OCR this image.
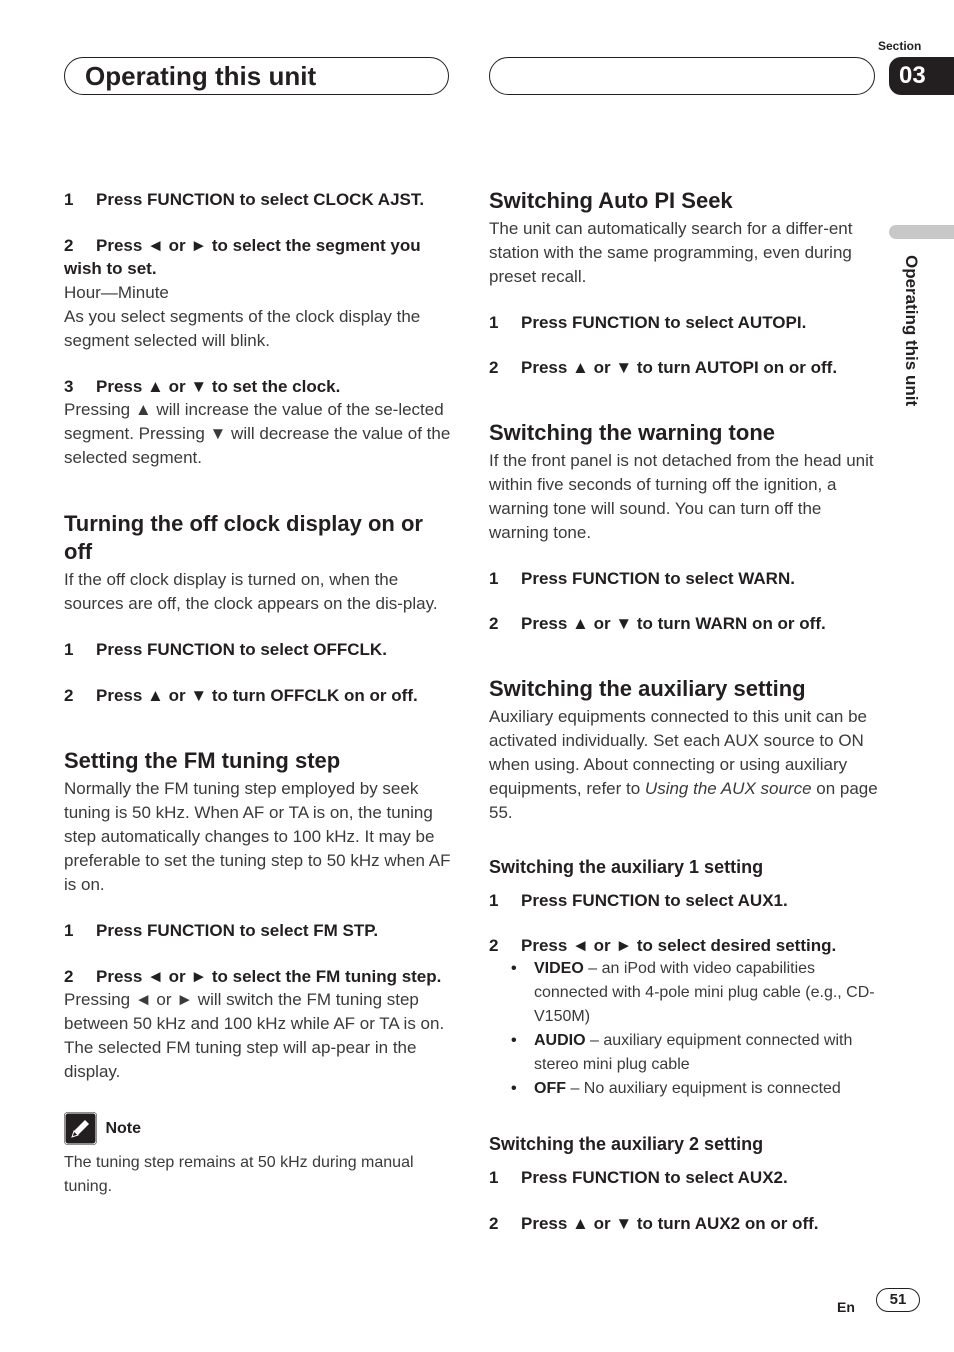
Operating this unit
Section
03
Operating this unit
1 Press FUNCTION to select CLOCK AJST.
2 Press ◄ or ► to select the segment you wish to set.
Hour—Minute
As you select segments of the clock display the segment selected will blink.
3 Press ▲ or ▼ to set the clock.
Pressing ▲ will increase the value of the se-lected segment. Pressing ▼ will decrease the value of the selected segment.
Turning the off clock display on or off
If the off clock display is turned on, when the sources are off, the clock appears on the dis-play.
1 Press FUNCTION to select OFFCLK.
2 Press ▲ or ▼ to turn OFFCLK on or off.
Setting the FM tuning step
Normally the FM tuning step employed by seek tuning is 50 kHz. When AF or TA is on, the tuning step automatically changes to 100 kHz. It may be preferable to set the tuning step to 50 kHz when AF is on.
1 Press FUNCTION to select FM STP.
2 Press ◄ or ► to select the FM tuning step.
Pressing ◄ or ► will switch the FM tuning step between 50 kHz and 100 kHz while AF or TA is on. The selected FM tuning step will ap-pear in the display.
Note
The tuning step remains at 50 kHz during manual tuning.
Switching Auto PI Seek
The unit can automatically search for a differ-ent station with the same programming, even during preset recall.
1 Press FUNCTION to select AUTOPI.
2 Press ▲ or ▼ to turn AUTOPI on or off.
Switching the warning tone
If the front panel is not detached from the head unit within five seconds of turning off the ignition, a warning tone will sound. You can turn off the warning tone.
1 Press FUNCTION to select WARN.
2 Press ▲ or ▼ to turn WARN on or off.
Switching the auxiliary setting
Auxiliary equipments connected to this unit can be activated individually. Set each AUX source to ON when using. About connecting or using auxiliary equipments, refer to Using the AUX source on page 55.
Switching the auxiliary 1 setting
1 Press FUNCTION to select AUX1.
2 Press ◄ or ► to select desired setting.
• VIDEO – an iPod with video capabilities connected with 4-pole mini plug cable (e.g., CD-V150M)
• AUDIO – auxiliary equipment connected with stereo mini plug cable
• OFF – No auxiliary equipment is connected
Switching the auxiliary 2 setting
1 Press FUNCTION to select AUX2.
2 Press ▲ or ▼ to turn AUX2 on or off.
En	51
